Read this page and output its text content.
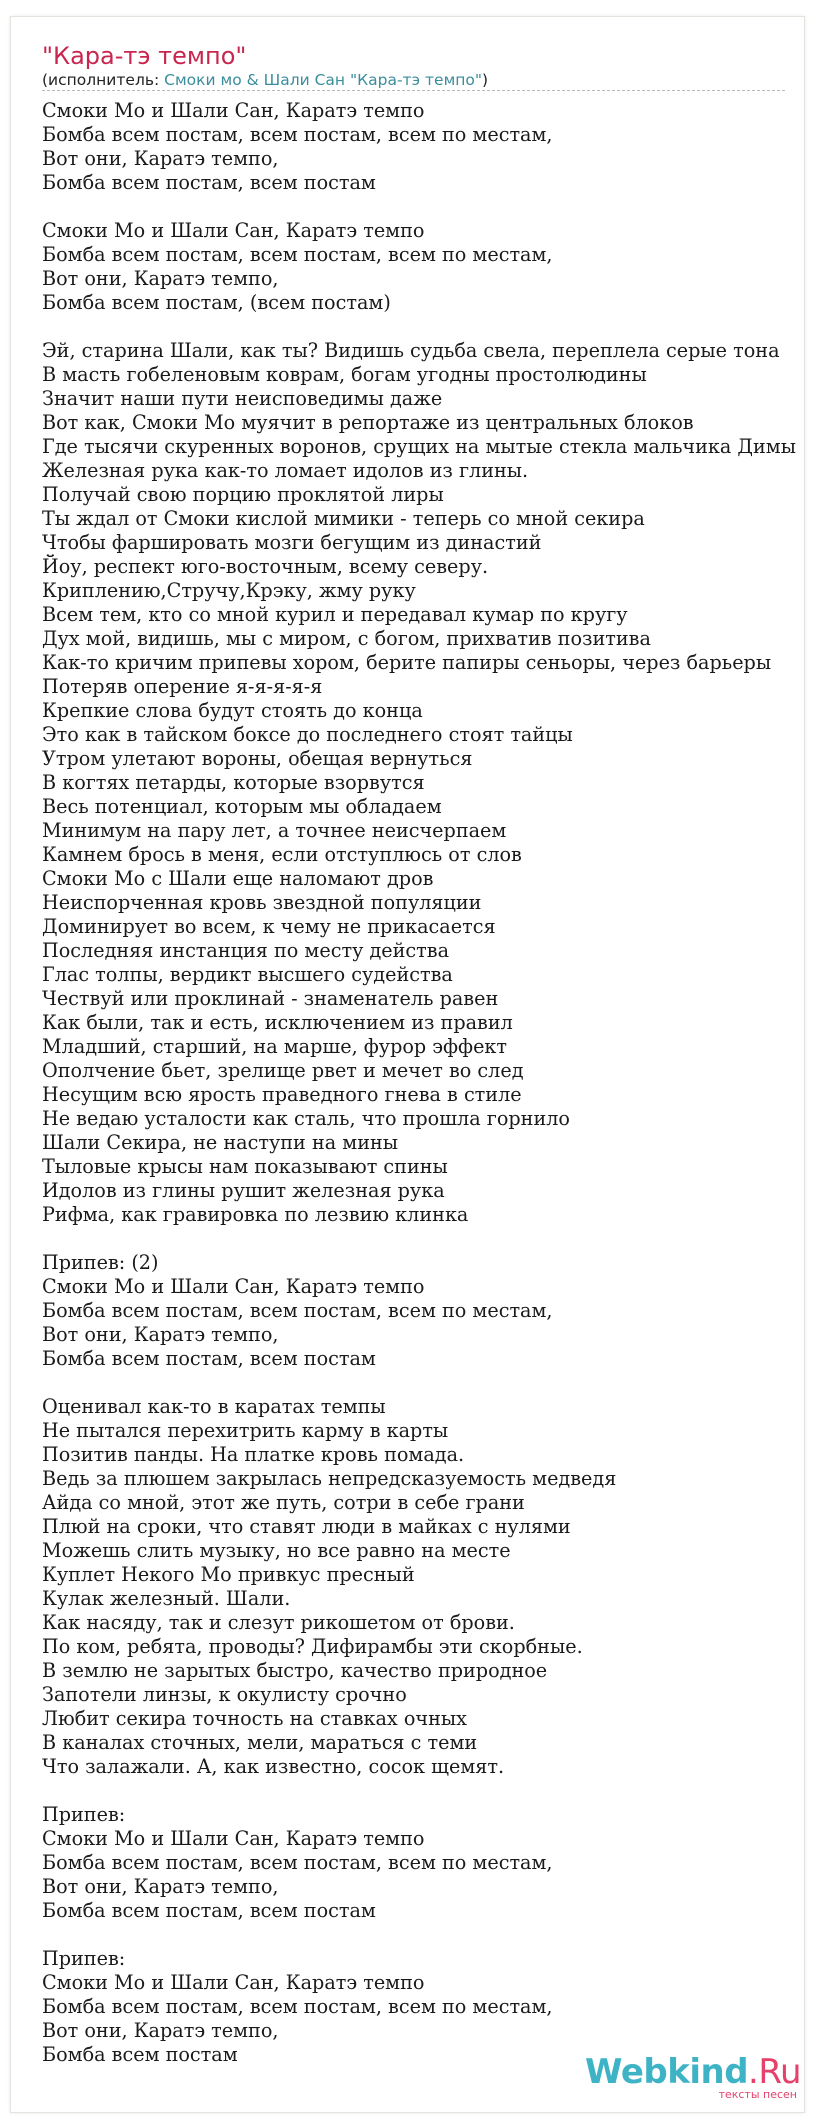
"Кара-тэ темпо"
(исполнитель: Смоки мо & Шали Сан "Кара-тэ темпо")
Смоки Мо и Шали Сан, Каратэ темпо
Бомба всем постам, всем постам, всем по местам,
Вот они, Каратэ темпо,
Бомба всем постам, всем постам
Смоки Мо и Шали Сан, Каратэ темпо
Бомба всем постам, всем постам, всем по местам,
Вот они, Каратэ темпо,
Бомба всем постам, (всем постам)
Эй, старина Шали, как ты? Видишь судьба свела, переплела серые тона
В масть гобеленовым коврам, богам угодны простолюдины
Значит наши пути неисповедимы даже
Вот как, Смоки Мо муячит в репортаже из центральных блоков
Где тысячи скуренных воронов, срущих на мытые стекла мальчика Димы
Железная рука как-то ломает идолов из глины.
Получай свою порцию проклятой лиры
Ты ждал от Смоки кислой мимики - теперь со мной секира
Чтобы фаршировать мозги бегущим из династий
Йоу, респект юго-восточным, всему северу.
Криплению,Стручу,Крэку, жму руку
Всем тем, кто со мной курил и передавал кумар по кругу
Дух мой, видишь, мы с миром, с богом, прихватив позитива
Как-то кричим припевы хором, берите папиры сеньоры, через барьеры
Потеряв оперение я-я-я-я-я
Крепкие слова будут стоять до конца
Это как в тайском боксе до последнего стоят тайцы
Утром улетают вороны, обещая вернуться
В когтях петарды, которые взорвутся
Весь потенциал, которым мы обладаем
Минимум на пару лет, а точнее неисчерпаем
Камнем брось в меня, если отступлюсь от слов
Смоки Мо с Шали еще наломают дров
Неиспорченная кровь звездной популяции
Доминирует во всем, к чему не прикасается
Последняя инстанция по месту действа
Глас толпы, вердикт высшего судейства
Чествуй или проклинай - знаменатель равен
Как были, так и есть, исключением из правил
Младший, старший, на марше, фурор эффект
Ополчение бьет, зрелище рвет и мечет во след
Несущим всю ярость праведного гнева в стиле
Не ведаю усталости как сталь, что прошла горнило
Шали Секира, не наступи на мины
Тыловые крысы нам показывают спины
Идолов из глины рушит железная рука
Рифма, как гравировка по лезвию клинка
Припев: (2)
Смоки Мо и Шали Сан, Каратэ темпо
Бомба всем постам, всем постам, всем по местам,
Вот они, Каратэ темпо,
Бомба всем постам, всем постам
Оценивал как-то в каратах темпы
Не пытался перехитрить карму в карты
Позитив панды. На платке кровь помада.
Ведь за плюшем закрылась непредсказуемость медведя
Айда со мной, этот же путь, сотри в себе грани
Плюй на сроки, что ставят люди в майках с нулями
Можешь слить музыку, но все равно на месте
Куплет Некого Мо привкус пресный
Кулак железный. Шали.
Как насяду, так и слезут рикошетом от брови.
По ком, ребята, проводы? Дифирамбы эти скорбные.
В землю не зарытых быстро, качество природное
Запотели линзы, к окулисту срочно
Любит секира точность на ставках очных
В каналах сточных, мели, мараться с теми
Что залажали. А, как известно, сосок щемят.
Припев:
Смоки Мо и Шали Сан, Каратэ темпо
Бомба всем постам, всем постам, всем по местам,
Вот они, Каратэ темпо,
Бомба всем постам, всем постам
Припев:
Смоки Мо и Шали Сан, Каратэ темпо
Бомба всем постам, всем постам, всем по местам,
Вот они, Каратэ темпо,
Бомба всем постам	Webkind.Ru
тексты песен
